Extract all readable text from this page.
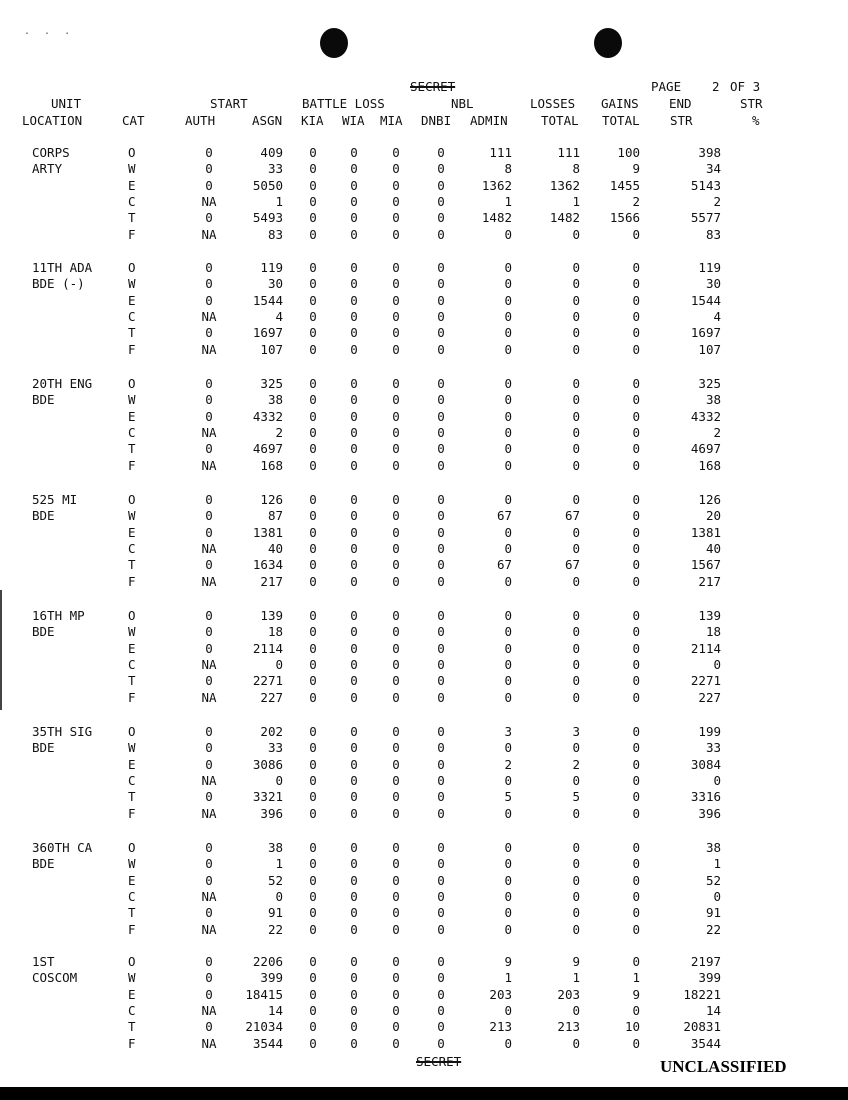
. . .
SECRET	PAGE 2 OF 3
UNIT	START	BATTLE LOSS	NBL	LOSSES GAINS END	STR
LOCATION	CAT	AUTH	ASGN KIA WIA MIA DNBI ADMIN	TOTAL TOTAL STR	%
CORPS
ARTY
O	0	409 0	0	0	0	111	111	100	398
W	0	33 0	0	0	0	8	8	9	34
E	0	5050 0	0	0	0	1362	1362	1455	5143
C	NA	1 0	0	0	0	1	1	2	2
T	0	5493 0	0	0	0	1482	1482	1566	5577
F	NA	83 0	0	0	0	0	0	0	83
11TH ADA
BDE (-)
O	0	119 0	0	0	0	0	0	0	119
W	0	30 0	0	0	0	0	0	0	30
E	0	1544 0	0	0	0	0	0	0	1544
C	NA	4 0	0	0	0	0	0	0	4
T	0	1697 0	0	0	0	0	0	0	1697
F	NA	107 0	0	0	0	0	0	0	107
20TH ENG
BDE
O	0	325 0	0	0	0	0	0	0	325
W	0	38 0	0	0	0	0	0	0	38
E	0	4332 0	0	0	0	0	0	0	4332
C	NA	2 0	0	0	0	0	0	0	2
T	0	4697 0	0	0	0	0	0	0	4697
F	NA	168 0	0	0	0	0	0	0	168
525 MI
BDE
O	0	126 0	0	0	0	0	0	0	126
W	0	87 0	0	0	0	67	67	0	20
E	0	1381 0	0	0	0	0	0	0	1381
C	NA	40 0	0	0	0	0	0	0	40
T	0	1634 0	0	0	0	67	67	0	1567
F	NA	217 0	0	0	0	0	0	0	217
16TH MP
BDE
O	0	139 0	0	0	0	0	0	0	139
W	0	18 0	0	0	0	0	0	0	18
E	0	2114 0	0	0	0	0	0	0	2114
C	NA	0 0	0	0	0	0	0	0	0
T	0	2271 0	0	0	0	0	0	0	2271
F	NA	227 0	0	0	0	0	0	0	227
35TH SIG
BDE
O	0	202 0	0	0	0	3	3	0	199
W	0	33 0	0	0	0	0	0	0	33
E	0	3086 0	0	0	0	2	2	0	3084
C	NA	0 0	0	0	0	0	0	0	0
T	0	3321 0	0	0	0	5	5	0	3316
F	NA	396 0	0	0	0	0	0	0	396
360TH CA
BDE
O	0	38 0	0	0	0	0	0	0	38
W	0	1 0	0	0	0	0	0	0	1
E	0	52 0	0	0	0	0	0	0	52
C	NA	0 0	0	0	0	0	0	0	0
T	0	91 0	0	0	0	0	0	0	91
F	NA	22 0	0	0	0	0	0	0	22
1ST
COSCOM
O	0	2206 0	0	0	0	9	9	0	2197
W	0	399 0	0	0	0	1	1	1	399
E	0	18415 0	0	0	0	203	203	9	18221
C	NA	14 0	0	0	0	0	0	0	14
T	0	21034 0	0	0	0	213	213	10	20831
F	NA	3544 0	0	0	0	0	0	0	3544
SECRET	UNCLASSIFIED
